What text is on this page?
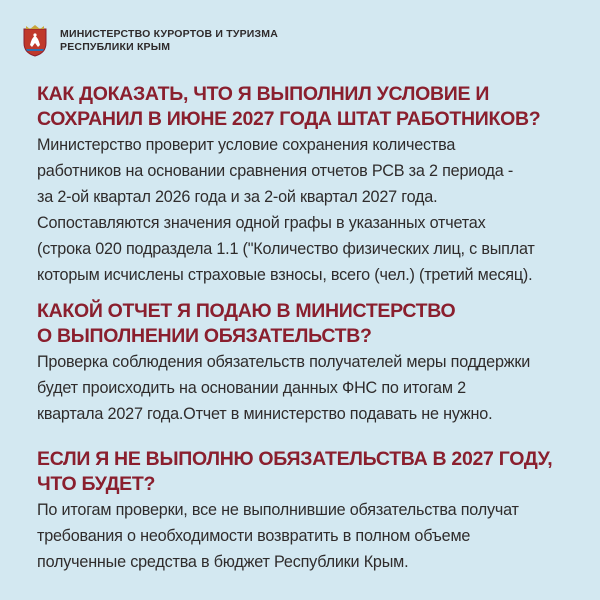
МИНИСТЕРСТВО КУРОРТОВ И ТУРИЗМА
РЕСПУБЛИКИ КРЫМ
КАК ДОКАЗАТЬ, ЧТО Я ВЫПОЛНИЛ УСЛОВИЕ И
СОХРАНИЛ В ИЮНЕ 2027 ГОДА ШТАТ РАБОТНИКОВ?

Министерство проверит условие сохранения количества
работников на основании сравнения отчетов РСВ за 2 периода -
за 2-ой квартал 2026 года и за 2-ой квартал 2027 года.
Сопоставляются значения одной графы в указанных отчетах
(строка 020 подраздела 1.1 ("Количество физических лиц, с выплат
которым исчислены страховые взносы, всего (чел.) (третий месяц).

КАКОЙ ОТЧЕТ Я ПОДАЮ В МИНИСТЕРСТВО
О ВЫПОЛНЕНИИ ОБЯЗАТЕЛЬСТВ?

Проверка соблюдения обязательств получателей меры поддержки
будет происходить на основании данных ФНС по итогам 2
квартала 2027 года.Отчет в министерство подавать не нужно.

ЕСЛИ Я НЕ ВЫПОЛНЮ ОБЯЗАТЕЛЬСТВА В 2027 ГОДУ,
ЧТО БУДЕТ?

По итогам проверки, все не выполнившие обязательства получат
требования о необходимости возвратить в полном объеме
полученные средства в бюджет Республики Крым.
